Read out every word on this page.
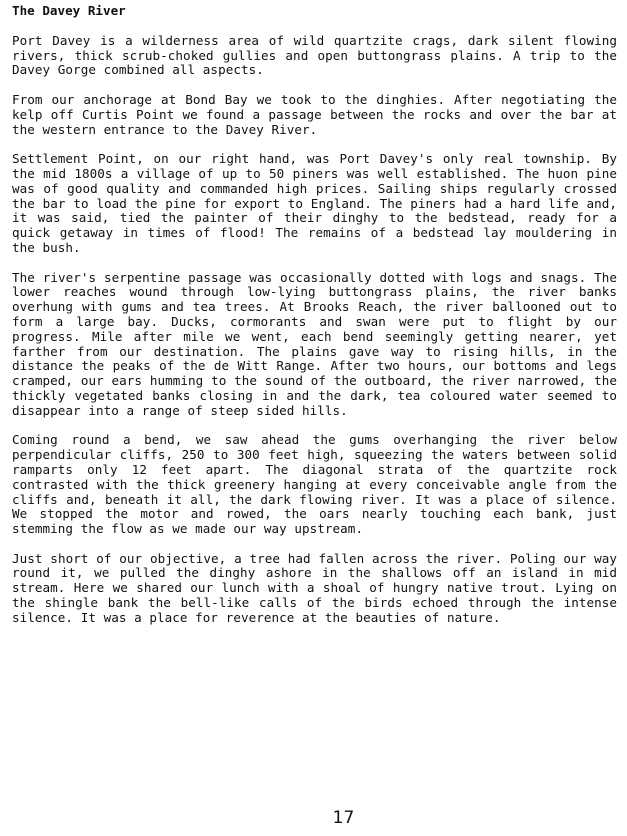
The Davey River

Port Davey is a wilderness area of wild quartzite crags, dark silent flowing rivers, thick scrub-choked gullies and open buttongrass plains. A trip to the Davey Gorge combined all aspects.

From our anchorage at Bond Bay we took to the dinghies. After negotiating the kelp off Curtis Point we found a passage between the rocks and over the bar at the western entrance to the Davey River.

Settlement Point, on our right hand, was Port Davey's only real township. By the mid 1800s a village of up to 50 piners was well established. The huon pine was of good quality and commanded high prices. Sailing ships regularly crossed the bar to load the pine for export to England. The piners had a hard life and, it was said, tied the painter of their dinghy to the bedstead, ready for a quick getaway in times of flood! The remains of a bedstead lay mouldering in the bush.

The river's serpentine passage was occasionally dotted with logs and snags. The lower reaches wound through low-lying buttongrass plains, the river banks overhung with gums and tea trees. At Brooks Reach, the river ballooned out to form a large bay. Ducks, cormorants and swan were put to flight by our progress. Mile after mile we went, each bend seemingly getting nearer, yet farther from our destination. The plains gave way to rising hills, in the distance the peaks of the de Witt Range. After two hours, our bottoms and legs cramped, our ears humming to the sound of the outboard, the river narrowed, the thickly vegetated banks closing in and the dark, tea coloured water seemed to disappear into a range of steep sided hills.

Coming round a bend, we saw ahead the gums overhanging the river below perpendicular cliffs, 250 to 300 feet high, squeezing the waters between solid ramparts only 12 feet apart. The diagonal strata of the quartzite rock contrasted with the thick greenery hanging at every conceivable angle from the cliffs and, beneath it all, the dark flowing river. It was a place of silence. We stopped the motor and rowed, the oars nearly touching each bank, just stemming the flow as we made our way upstream.

Just short of our objective, a tree had fallen across the river. Poling our way round it, we pulled the dinghy ashore in the shallows off an island in mid stream. Here we shared our lunch with a shoal of hungry native trout. Lying on the shingle bank the bell-like calls of the birds echoed through the intense silence. It was a place for reverence at the beauties of nature.

17
